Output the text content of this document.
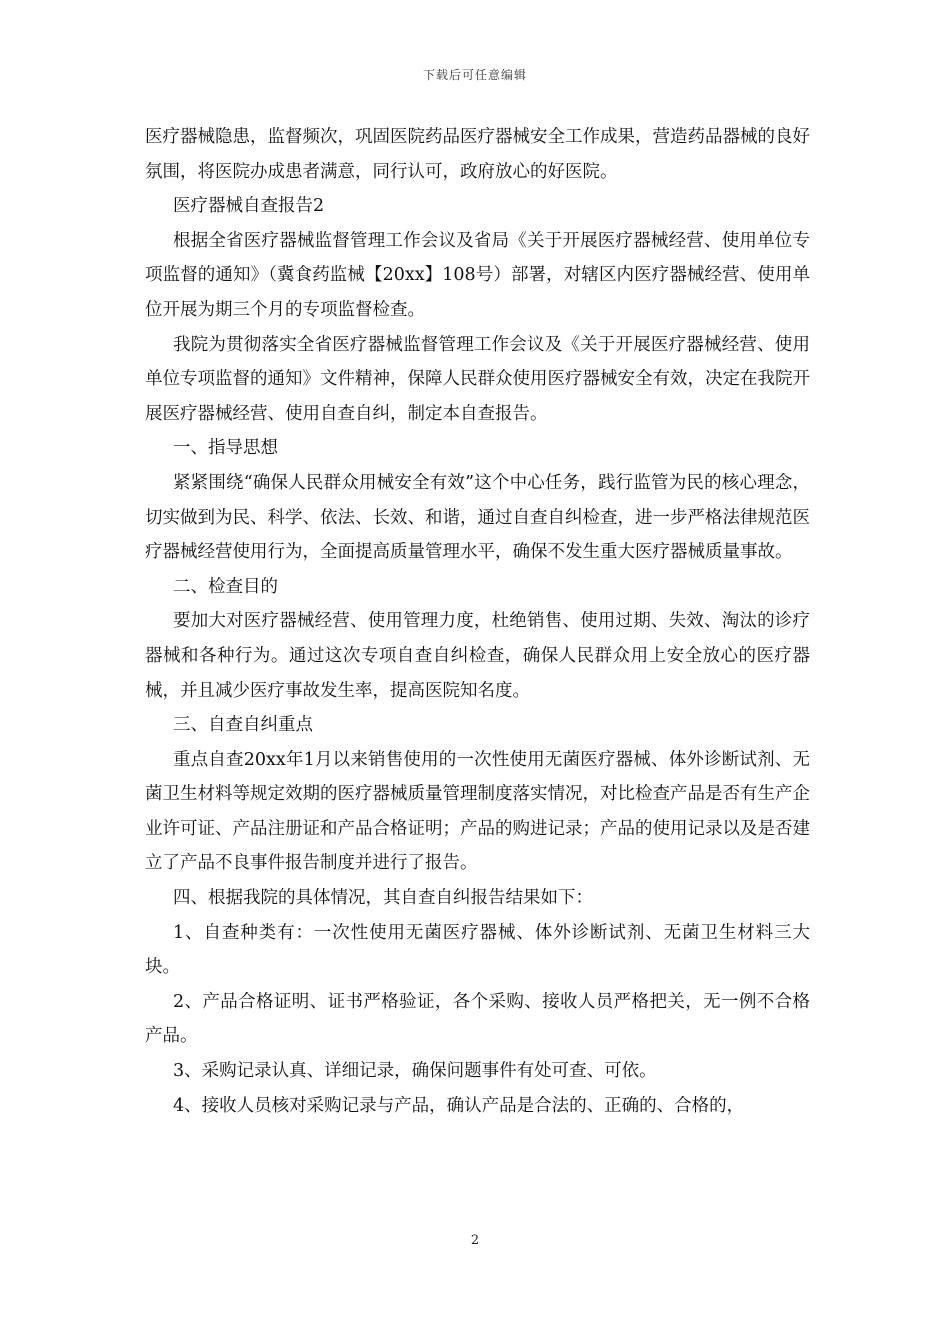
下载后可任意编辑

医疗器械隐患，监督频次，巩固医院药品医疗器械安全工作成果，营造药品器械的良好氛围，将医院办成患者满意，同行认可，政府放心的好医院。

医疗器械自查报告2

根据全省医疗器械监督管理工作会议及省局《关于开展医疗器械经营、使用单位专项监督的通知》（冀食药监械【20xx】108号）部署，对辖区内医疗器械经营、使用单位开展为期三个月的专项监督检查。

我院为贯彻落实全省医疗器械监督管理工作会议及《关于开展医疗器械经营、使用单位专项监督的通知》文件精神，保障人民群众使用医疗器械安全有效，决定在我院开展医疗器械经营、使用自查自纠，制定本自查报告。

一、指导思想

紧紧围绕“确保人民群众用械安全有效”这个中心任务，践行监管为民的核心理念，切实做到为民、科学、依法、长效、和谐，通过自查自纠检查，进一步严格法律规范医疗器械经营使用行为，全面提高质量管理水平，确保不发生重大医疗器械质量事故。

二、检查目的

要加大对医疗器械经营、使用管理力度，杜绝销售、使用过期、失效、淘汰的诊疗器械和各种行为。通过这次专项自查自纠检查，确保人民群众用上安全放心的医疗器械，并且减少医疗事故发生率，提高医院知名度。

三、自查自纠重点

重点自查20xx年1月以来销售使用的一次性使用无菌医疗器械、体外诊断试剂、无菌卫生材料等规定效期的医疗器械质量管理制度落实情况，对比检查产品是否有生产企业许可证、产品注册证和产品合格证明；产品的购进记录；产品的使用记录以及是否建立了产品不良事件报告制度并进行了报告。

四、根据我院的具体情况，其自查自纠报告结果如下：

1、自查种类有：一次性使用无菌医疗器械、体外诊断试剂、无菌卫生材料三大块。

2、产品合格证明、证书严格验证，各个采购、接收人员严格把关，无一例不合格产品。

3、采购记录认真、详细记录，确保问题事件有处可查、可依。

4、接收人员核对采购记录与产品，确认产品是合法的、正确的、合格的，

2
